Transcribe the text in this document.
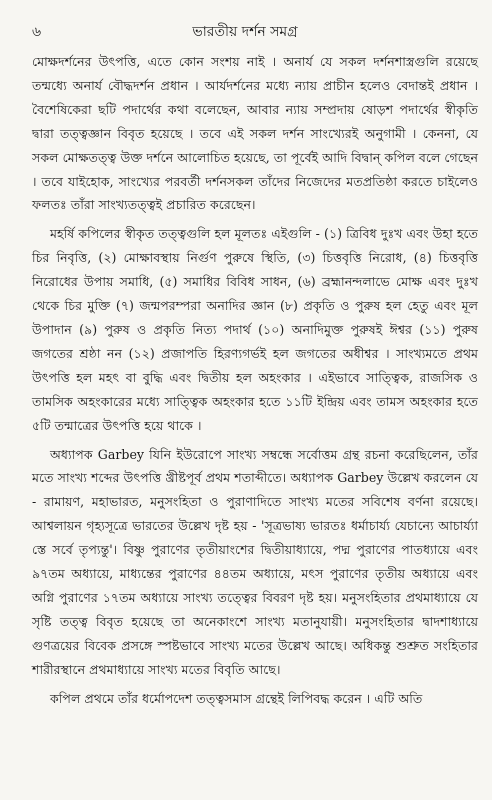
৬	ভারতীয় দর্শন সমগ্র

মোক্ষদর্শনের উৎপত্তি, এতে কোন সংশয় নাই । অনার্য যে সকল দর্শনশাস্ত্রগুলি রয়েছে তন্মধ্যে অনার্য বৌদ্ধদর্শন প্রধান । আর্যদর্শনের মধ্যে ন্যায় প্রাচীন হলেও বেদান্তই প্রধান । বৈশেষিকেরা ছটি পদার্থের কথা বলেছেন, আবার ন্যায় সম্প্রদায় ষোড়শ পদার্থের স্বীকৃতি দ্বারা তত্ত্বজ্ঞান বিবৃত হয়েছে । তবে এই সকল দর্শন সাংখ্যেরই অনুগামী । কেননা, যে সকল মোক্ষতত্ত্ব উক্ত দর্শনে আলোচিত হয়েছে, তা পূর্বেই আদি বিদ্বান্ কপিল বলে গেছেন । তবে যাইহোক, সাংখ্যের পরবর্তী দর্শনসকল তাঁদের নিজেদের মতপ্রতিষ্ঠা করতে চাইলেও ফলতঃ তাঁরা সাংখ্যতত্ত্বই প্রচারিত করেছেন।

মহর্ষি কপিলের স্বীকৃত তত্ত্বগুলি হল মূলতঃ এইগুলি - (১) ত্রিবিধ দুঃখ এবং উহা হতে চির নিবৃত্তি, (২) মোক্ষাবস্থায় নির্গুণ পুরুষে স্থিতি, (৩) চিত্তবৃত্তি নিরোধ, (৪) চিত্তবৃত্তি নিরোধের উপায় সমাধি, (৫) সমাধির বিবিধ সাধন, (৬) ব্রহ্মানন্দলাভে মোক্ষ এবং দুঃখ থেকে চির মুক্তি (৭) জন্মপরম্পরা অনাদির জ্ঞান (৮) প্রকৃতি ও পুরুষ হল হেতু এবং মূল উপাদান (৯) পুরুষ ও প্রকৃতি নিত্য পদার্থ (১০) অনাদিমুক্ত পুরুষই ঈশ্বর (১১) পুরুষ জগতের শ্রষ্ঠা নন (১২) প্রজাপতি হিরণ্যগর্ভই হল জগতের অধীশ্বর । সাংখ্যমতে প্রথম উৎপত্তি হল মহৎ বা বুদ্ধি এবং দ্বিতীয় হল অহংকার । এইভাবে সাত্ত্বিক, রাজসিক ও তামসিক অহংকারের মধ্যে সাত্ত্বিক অহংকার হতে ১১টি ইন্দ্রিয় এবং তামস অহংকার হতে ৫টি তন্মাত্রের উৎপত্তি হয়ে থাকে ।

অধ্যাপক Garbey যিনি ইউরোপে সাংখ্য সম্বন্ধে সর্বোত্তম গ্রন্থ রচনা করেছিলেন, তাঁর মতে সাংখ্য শব্দের উৎপত্তি খ্রীষ্টপূর্ব প্রথম শতাব্দীতে। অধ্যাপক Garbey উল্লেখ করলেন যে - রামায়ণ, মহাভারত, মনুসংহিতা ও পুরাণাদিতে সাংখ্য মতের সবিশেষ বর্ণনা রয়েছে। আশ্বলায়ন গৃহ্যসূত্রে ভারতের উল্লেখ দৃষ্ট হয় - 'সূত্রভাষ্য ভারতঃ ধর্মাচার্য্য যেচান্যে আচার্য্যা স্তে সর্বে তৃপ্যন্তু'। বিষ্ণু পুরাণের তৃতীয়াংশের দ্বিতীয়াধ্যায়ে, পদ্ম পুরাণের পাতধ্যায়ে এবং ৯৭তম অধ্যায়ে, মাধ্যন্তের পুরাণের ৪৪তম অধ্যায়ে, মৎস পুরাণের তৃতীয় অধ্যায়ে এবং অগ্নি পুরাণের ১৭তম অধ্যায়ে সাংখ্য তত্ত্বের বিবরণ দৃষ্ট হয়। মনুসংহিতার প্রথমাধ্যায়ে যে সৃষ্টি তত্ত্ব বিবৃত হয়েছে তা অনেকাংশে সাংখ্য মতানুযায়ী। মনুসংহিতার দ্বাদশাধ্যায়ে গুণত্রয়ের বিবেক প্রসঙ্গে স্পষ্টভাবে সাংখ্য মতের উল্লেখ আছে। অধিকন্তু শুশ্রুত সংহিতার শারীরস্থানে প্রথমাধ্যায়ে সাংখ্য মতের বিবৃতি আছে।

কপিল প্রথমে তাঁর ধর্মোপদেশ তত্ত্বসমাস গ্রন্থেই লিপিবদ্ধ করেন । এটি অতি
